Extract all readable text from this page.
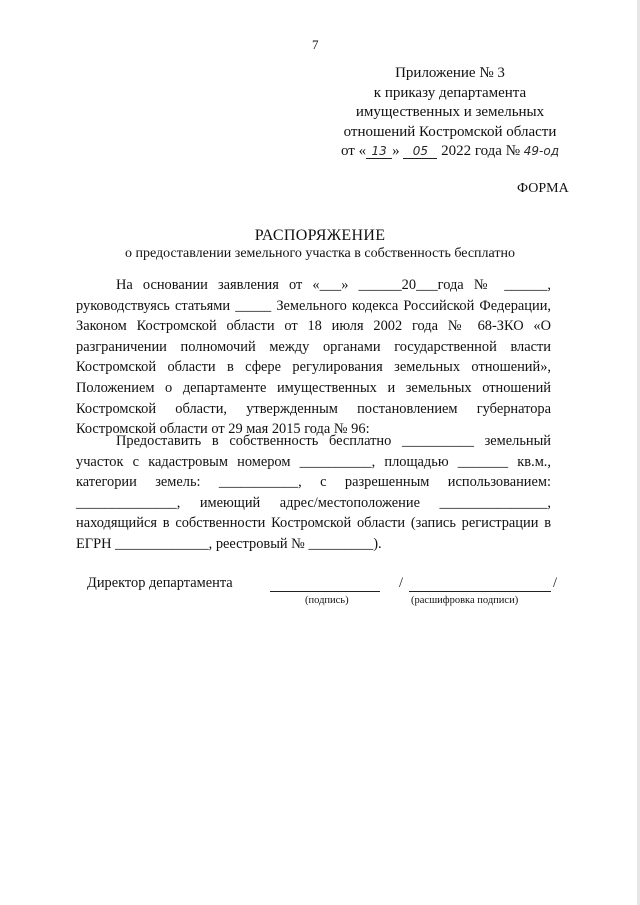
7
Приложение № 3
к приказу департамента
имущественных и земельных
отношений Костромской области
от « 13 » 05 2022 года № 49-од
ФОРМА
РАСПОРЯЖЕНИЕ
о предоставлении земельного участка в собственность бесплатно

На основании заявления от «___» ______20___года № ______, руководствуясь статьями _____ Земельного кодекса Российской Федерации, Законом Костромской области от 18 июля 2002 года № 68-ЗКО «О разграничении полномочий между органами государственной власти Костромской области в сфере регулирования земельных отношений», Положением о департаменте имущественных и земельных отношений Костромской области, утвержденным постановлением губернатора Костромской области от 29 мая 2015 года № 96:

Предоставить в собственность бесплатно __________ земельный участок с кадастровым номером __________, площадью _______ кв.м., категории земель: ___________, с разрешенным использованием: ______________, имеющий адрес/местоположение _______________, находящийся в собственности Костромской области (запись регистрации в ЕГРН _____________, реестровый № _________).

Директор департамента	/	/
(подпись)	(расшифровка подписи)
